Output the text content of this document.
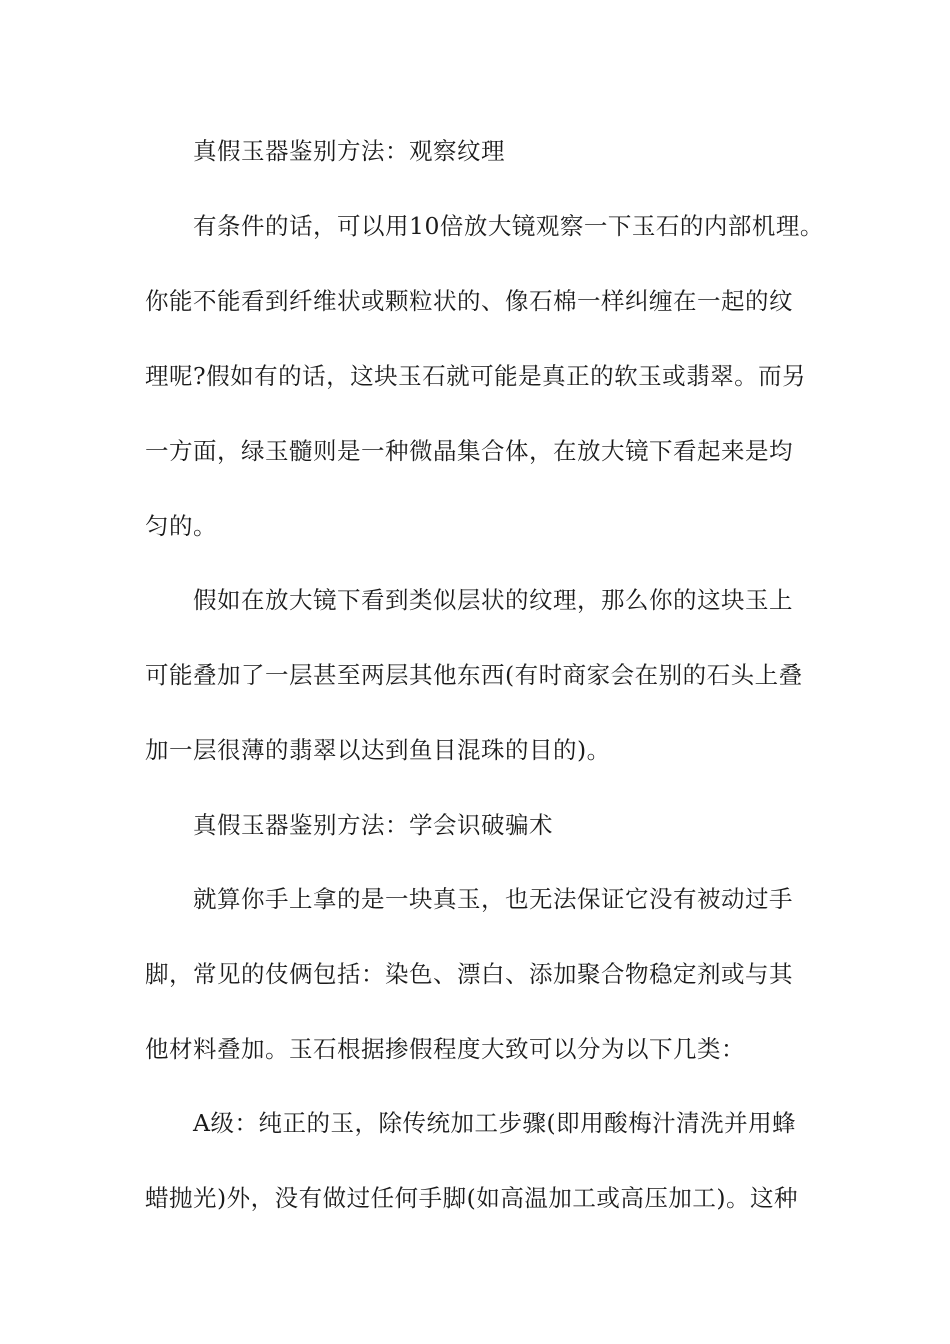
真假玉器鉴别方法：观察纹理
有条件的话，可以用10倍放大镜观察一下玉石的内部机理。
你能不能看到纤维状或颗粒状的、像石棉一样纠缠在一起的纹
理呢?假如有的话，这块玉石就可能是真正的软玉或翡翠。而另
一方面，绿玉髓则是一种微晶集合体，在放大镜下看起来是均
匀的。
假如在放大镜下看到类似层状的纹理，那么你的这块玉上
可能叠加了一层甚至两层其他东西(有时商家会在别的石头上叠
加一层很薄的翡翠以达到鱼目混珠的目的)。
真假玉器鉴别方法：学会识破骗术
就算你手上拿的是一块真玉，也无法保证它没有被动过手
脚，常见的伎俩包括：染色、漂白、添加聚合物稳定剂或与其
他材料叠加。玉石根据掺假程度大致可以分为以下几类：
A级：纯正的玉，除传统加工步骤(即用酸梅汁清洗并用蜂
蜡抛光)外，没有做过任何手脚(如高温加工或高压加工)。这种
